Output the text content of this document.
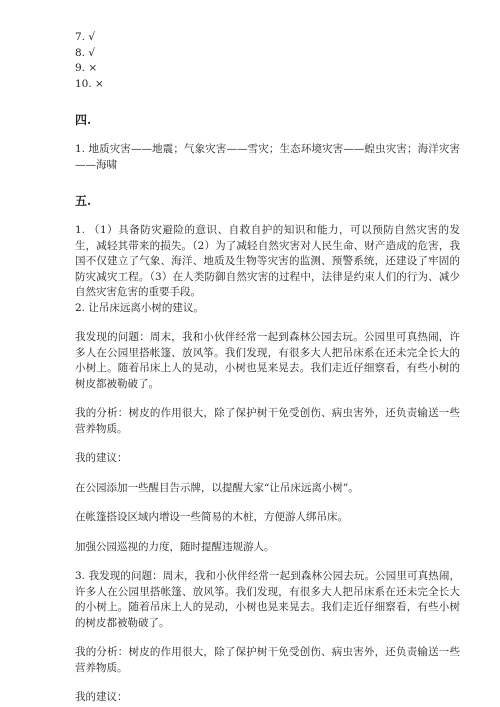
7. √

8. √

9. ×

10. ×

四.

1. 地质灾害——地震；气象灾害——雪灾；生态环境灾害——蝗虫灾害；海洋灾害——海啸

五.

1. （1）具备防灾避险的意识、自救自护的知识和能力，可以预防自然灾害的发生，减轻其带来的损失。（2）为了减轻自然灾害对人民生命、财产造成的危害，我国不仅建立了气象、海洋、地质及生物等灾害的监测、预警系统，还建设了牢固的防灾减灾工程。（3）在人类防御自然灾害的过程中，法律是约束人们的行为、减少自然灾害危害的重要手段。

2. 让吊床远离小树的建议。

我发现的问题：周末，我和小伙伴经常一起到森林公园去玩。公园里可真热闹，许多人在公园里搭帐篷、放风筝。我们发现，有很多大人把吊床系在还未完全长大的小树上。随着吊床上人的晃动，小树也晃来晃去。我们走近仔细察看，有些小树的树皮都被勒破了。

我的分析：树皮的作用很大，除了保护树干免受创伤、病虫害外，还负责输送一些营养物质。

我的建议：

在公园添加一些醒目告示牌，以提醒大家“让吊床远离小树”。

在帐篷搭设区域内增设一些简易的木桩，方便游人绑吊床。

加强公园巡视的力度，随时提醒违规游人。

3. 我发现的问题：周末，我和小伙伴经常一起到森林公园去玩。公园里可真热闹，许多人在公园里搭帐篷、放风筝。我们发现，有很多大人把吊床系在还未完全长大的小树上。随着吊床上人的晃动，小树也晃来晃去。我们走近仔细察看，有些小树的树皮都被勒破了。

我的分析：树皮的作用很大，除了保护树干免受创伤、病虫害外，还负责输送一些营养物质。

我的建议：
